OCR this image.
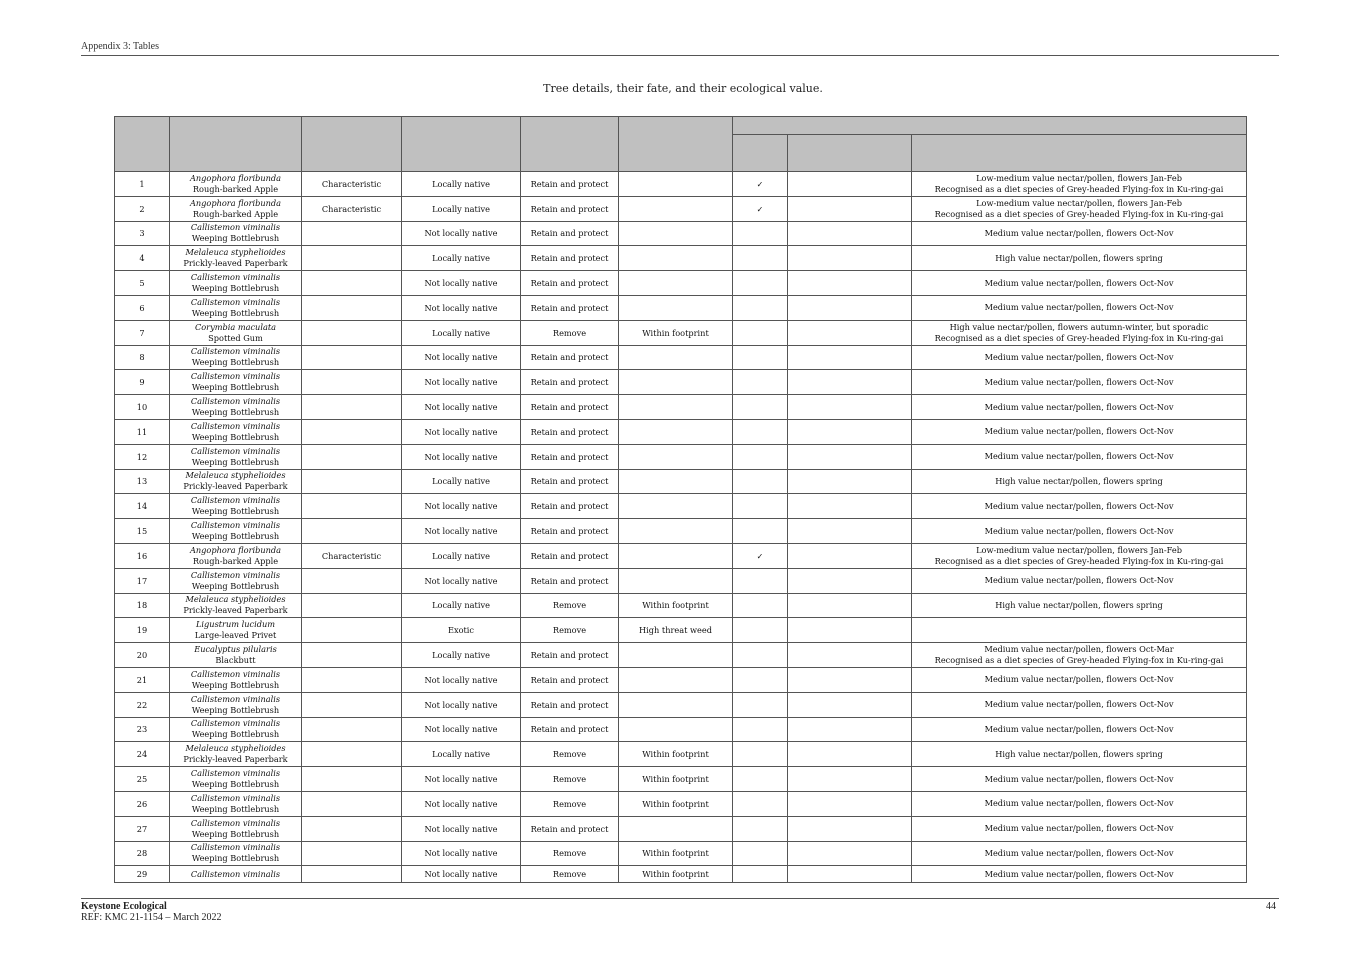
Appendix 3: Tables
Tree details, their fate, and their ecological value.

1	Angophora floribunda
Rough-barked Apple	Characteristic	Locally native	Retain and protect		✓		Low-medium value nectar/pollen, flowers Jan-Feb
Recognised as a diet species of Grey-headed Flying-fox in Ku-ring-gai

2	Angophora floribunda
Rough-barked Apple	Characteristic	Locally native	Retain and protect		✓		Low-medium value nectar/pollen, flowers Jan-Feb
Recognised as a diet species of Grey-headed Flying-fox in Ku-ring-gai

3	Callistemon viminalis
Weeping Bottlebrush		Not locally native	Retain and protect				Medium value nectar/pollen, flowers Oct-Nov

4	Melaleuca styphelioides
Prickly-leaved Paperbark		Locally native	Retain and protect				High value nectar/pollen, flowers spring

5	Callistemon viminalis
Weeping Bottlebrush		Not locally native	Retain and protect				Medium value nectar/pollen, flowers Oct-Nov

6	Callistemon viminalis
Weeping Bottlebrush		Not locally native	Retain and protect				Medium value nectar/pollen, flowers Oct-Nov

7	Corymbia maculata
Spotted Gum		Locally native	Remove	Within footprint			High value nectar/pollen, flowers autumn-winter, but sporadic
Recognised as a diet species of Grey-headed Flying-fox in Ku-ring-gai

8	Callistemon viminalis
Weeping Bottlebrush		Not locally native	Retain and protect				Medium value nectar/pollen, flowers Oct-Nov

9	Callistemon viminalis
Weeping Bottlebrush		Not locally native	Retain and protect				Medium value nectar/pollen, flowers Oct-Nov

10	Callistemon viminalis
Weeping Bottlebrush		Not locally native	Retain and protect				Medium value nectar/pollen, flowers Oct-Nov

11	Callistemon viminalis
Weeping Bottlebrush		Not locally native	Retain and protect				Medium value nectar/pollen, flowers Oct-Nov

12	Callistemon viminalis
Weeping Bottlebrush		Not locally native	Retain and protect				Medium value nectar/pollen, flowers Oct-Nov

13	Melaleuca styphelioides
Prickly-leaved Paperbark		Locally native	Retain and protect				High value nectar/pollen, flowers spring

14	Callistemon viminalis
Weeping Bottlebrush		Not locally native	Retain and protect				Medium value nectar/pollen, flowers Oct-Nov

15	Callistemon viminalis
Weeping Bottlebrush		Not locally native	Retain and protect				Medium value nectar/pollen, flowers Oct-Nov

16	Angophora floribunda
Rough-barked Apple	Characteristic	Locally native	Retain and protect		✓		Low-medium value nectar/pollen, flowers Jan-Feb
Recognised as a diet species of Grey-headed Flying-fox in Ku-ring-gai

17	Callistemon viminalis
Weeping Bottlebrush		Not locally native	Retain and protect				Medium value nectar/pollen, flowers Oct-Nov

18	Melaleuca styphelioides
Prickly-leaved Paperbark		Locally native	Remove	Within footprint			High value nectar/pollen, flowers spring

19	Ligustrum lucidum
Large-leaved Privet		Exotic	Remove	High threat weed			
20	Eucalyptus pilularis
Blackbutt		Locally native	Retain and protect				Medium value nectar/pollen, flowers Oct-Mar
Recognised as a diet species of Grey-headed Flying-fox in Ku-ring-gai

21	Callistemon viminalis
Weeping Bottlebrush		Not locally native	Retain and protect				Medium value nectar/pollen, flowers Oct-Nov

22	Callistemon viminalis
Weeping Bottlebrush		Not locally native	Retain and protect				Medium value nectar/pollen, flowers Oct-Nov

23	Callistemon viminalis
Weeping Bottlebrush		Not locally native	Retain and protect				Medium value nectar/pollen, flowers Oct-Nov

24	Melaleuca styphelioides
Prickly-leaved Paperbark		Locally native	Remove	Within footprint			High value nectar/pollen, flowers spring

25	Callistemon viminalis
Weeping Bottlebrush		Not locally native	Remove	Within footprint			Medium value nectar/pollen, flowers Oct-Nov

26	Callistemon viminalis
Weeping Bottlebrush		Not locally native	Remove	Within footprint			Medium value nectar/pollen, flowers Oct-Nov

27	Callistemon viminalis
Weeping Bottlebrush		Not locally native	Retain and protect				Medium value nectar/pollen, flowers Oct-Nov

28	Callistemon viminalis
Weeping Bottlebrush		Not locally native	Remove	Within footprint			Medium value nectar/pollen, flowers Oct-Nov

29	Callistemon viminalis		Not locally native	Remove	Within footprint			Medium value nectar/pollen, flowers Oct-Nov
Keystone Ecological
REF: KMC 21-1154 – March 2022
44
